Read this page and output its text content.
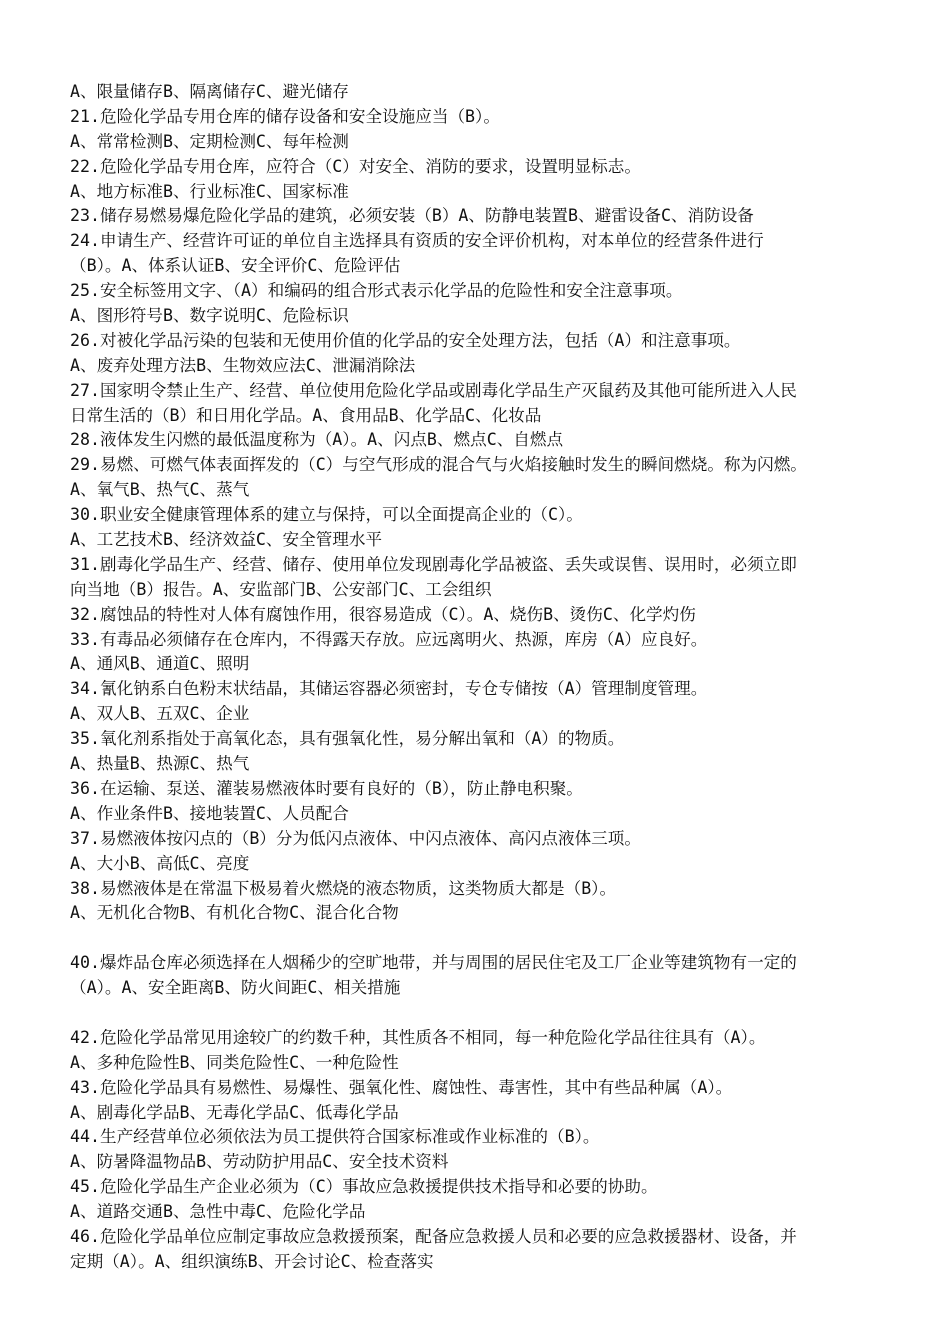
A、限量储存B、隔离储存C、避光储存
21.危险化学品专用仓库的储存设备和安全设施应当（B）。
A、常常检测B、定期检测C、每年检测
22.危险化学品专用仓库，应符合（C）对安全、消防的要求，设置明显标志。
A、地方标准B、行业标准C、国家标准
23.储存易燃易爆危险化学品的建筑，必须安装（B）A、防静电装置B、避雷设备C、消防设备
24.申请生产、经营许可证的单位自主选择具有资质的安全评价机构，对本单位的经营条件进行
（B）。A、体系认证B、安全评价C、危险评估
25.安全标签用文字、（A）和编码的组合形式表示化学品的危险性和安全注意事项。
A、图形符号B、数字说明C、危险标识
26.对被化学品污染的包装和无使用价值的化学品的安全处理方法，包括（A）和注意事项。
A、废弃处理方法B、生物效应法C、泄漏消除法
27.国家明令禁止生产、经营、单位使用危险化学品或剧毒化学品生产灭鼠药及其他可能所进入人民
日常生活的（B）和日用化学品。A、食用品B、化学品C、化妆品
28.液体发生闪燃的最低温度称为（A）。A、闪点B、燃点C、自燃点
29.易燃、可燃气体表面挥发的（C）与空气形成的混合气与火焰接触时发生的瞬间燃烧。称为闪燃。
A、氧气B、热气C、蒸气
30.职业安全健康管理体系的建立与保持，可以全面提高企业的（C）。
A、工艺技术B、经济效益C、安全管理水平
31.剧毒化学品生产、经营、储存、使用单位发现剧毒化学品被盗、丢失或误售、误用时，必须立即
向当地（B）报告。A、安监部门B、公安部门C、工会组织
32.腐蚀品的特性对人体有腐蚀作用，很容易造成（C）。A、烧伤B、烫伤C、化学灼伤
33.有毒品必须储存在仓库内，不得露天存放。应远离明火、热源，库房（A）应良好。
A、通风B、通道C、照明
34.氰化钠系白色粉末状结晶，其储运容器必须密封，专仓专储按（A）管理制度管理。
A、双人B、五双C、企业
35.氧化剂系指处于高氧化态，具有强氧化性，易分解出氧和（A）的物质。
A、热量B、热源C、热气
36.在运输、泵送、灌装易燃液体时要有良好的（B），防止静电积聚。
A、作业条件B、接地装置C、人员配合
37.易燃液体按闪点的（B）分为低闪点液体、中闪点液体、高闪点液体三项。
A、大小B、高低C、亮度
38.易燃液体是在常温下极易着火燃烧的液态物质，这类物质大都是（B）。
A、无机化合物B、有机化合物C、混合化合物
40.爆炸品仓库必须选择在人烟稀少的空旷地带，并与周围的居民住宅及工厂企业等建筑物有一定的
（A）。A、安全距离B、防火间距C、相关措施
42.危险化学品常见用途较广的约数千种，其性质各不相同，每一种危险化学品往往具有（A）。
A、多种危险性B、同类危险性C、一种危险性
43.危险化学品具有易燃性、易爆性、强氧化性、腐蚀性、毒害性，其中有些品种属（A）。
A、剧毒化学品B、无毒化学品C、低毒化学品
44.生产经营单位必须依法为员工提供符合国家标准或作业标准的（B）。
A、防暑降温物品B、劳动防护用品C、安全技术资料
45.危险化学品生产企业必须为（C）事故应急救援提供技术指导和必要的协助。
A、道路交通B、急性中毒C、危险化学品
46.危险化学品单位应制定事故应急救援预案，配备应急救援人员和必要的应急救援器材、设备，并
定期（A）。A、组织演练B、开会讨论C、检查落实
